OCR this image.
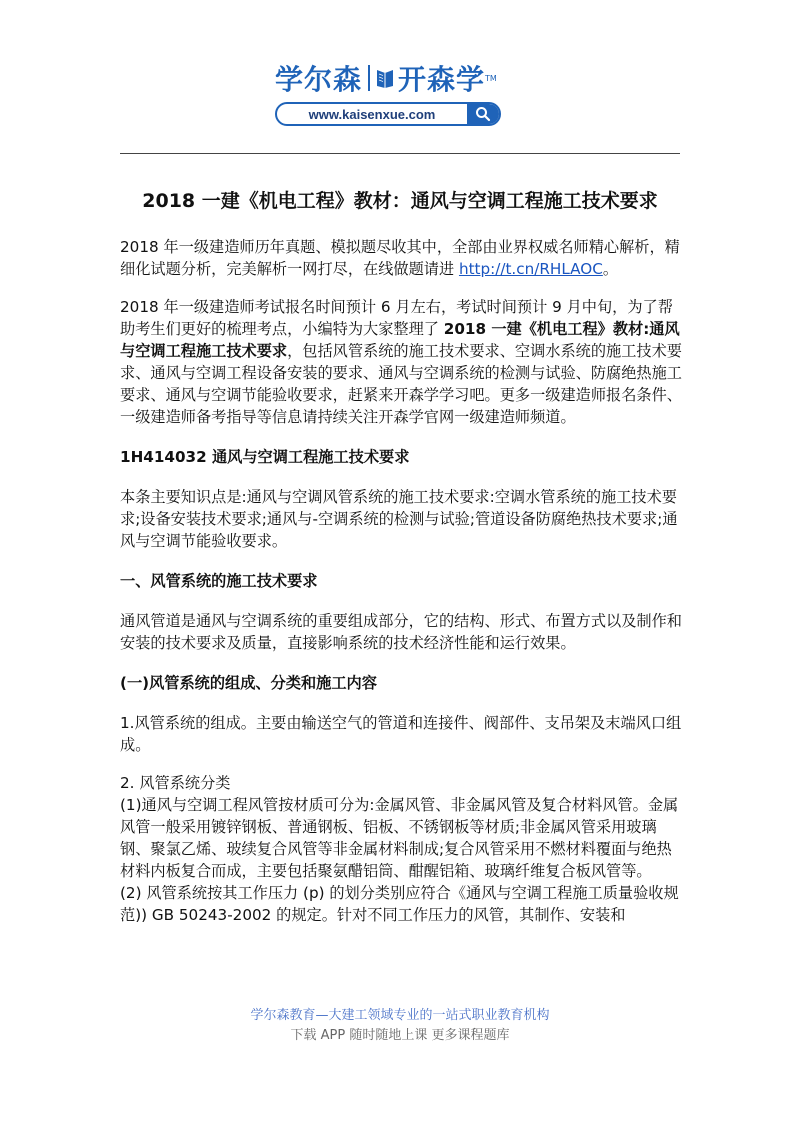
学尔森 开森学 TM
www.kaisenxue.com
2018 一建《机电工程》教材：通风与空调工程施工技术要求

2018 年一级建造师历年真题、模拟题尽收其中，全部由业界权威名师精心解析，精细化试题分析，完美解析一网打尽，在线做题请进 http://t.cn/RHLAOC。

2018 年一级建造师考试报名时间预计 6 月左右，考试时间预计 9 月中旬，为了帮助考生们更好的梳理考点，小编特为大家整理了 2018 一建《机电工程》教材:通风与空调工程施工技术要求，包括风管系统的施工技术要求、空调水系统的施工技术要求、通风与空调工程设备安装的要求、通风与空调系统的检测与试验、防腐绝热施工要求、通风与空调节能验收要求，赶紧来开森学学习吧。更多一级建造师报名条件、一级建造师备考指导等信息请持续关注开森学官网一级建造师频道。

1H414032 通风与空调工程施工技术要求

本条主要知识点是:通风与空调风管系统的施工技术要求:空调水管系统的施工技术要求;设备安装技术要求;通风与-空调系统的检测与试验;管道设备防腐绝热技术要求;通风与空调节能验收要求。

一、风管系统的施工技术要求

通风管道是通风与空调系统的重要组成部分，它的结构、形式、布置方式以及制作和安装的技术要求及质量，直接影响系统的技术经济性能和运行效果。

(一)风管系统的组成、分类和施工内容

1.风管系统的组成。主要由输送空气的管道和连接件、阀部件、支吊架及末端风口组成。

2. 风管系统分类

(1)通风与空调工程风管按材质可分为:金属风管、非金属风管及复合材料风管。金属风管一般采用镀锌钢板、普通钢板、铝板、不锈钢板等材质;非金属风管采用玻璃钢、聚氯乙烯、玻续复合风管等非金属材料制成;复合风管采用不燃材料覆面与绝热材料内板复合而成，主要包括聚氨醋铝筒、酣醒铝箱、玻璃纤维复合板风管等。

(2) 风管系统按其工作压力 (p) 的划分类别应符合《通风与空调工程施工质量验收规范)) GB 50243-2002 的规定。针对不同工作压力的风管，其制作、安装和

学尔森教育—大建工领域专业的一站式职业教育机构
下载 APP 随时随地上课 更多课程题库
